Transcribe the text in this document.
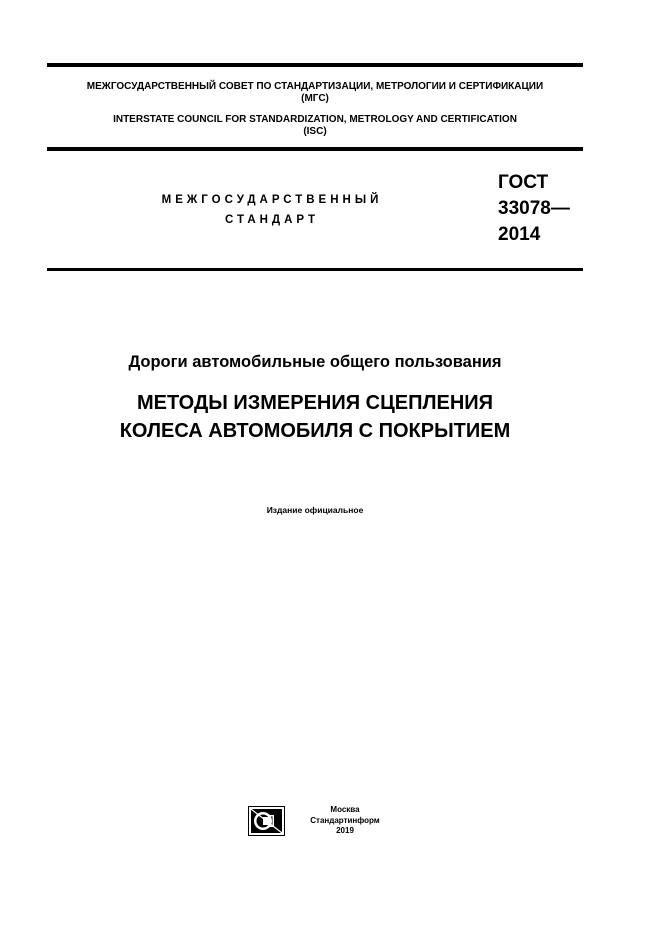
МЕЖГОСУДАРСТВЕННЫЙ СОВЕТ ПО СТАНДАРТИЗАЦИИ, МЕТРОЛОГИИ И СЕРТИФИКАЦИИ
(МГС)
INTERSTATE COUNCIL FOR STANDARDIZATION, METROLOGY AND CERTIFICATION
(ISC)
МЕЖГОСУДАРСТВЕННЫЙ
СТАНДАРТ
ГОСТ
33078—
2014
Дороги автомобильные общего пользования
МЕТОДЫ ИЗМЕРЕНИЯ СЦЕПЛЕНИЯ
КОЛЕСА АВТОМОБИЛЯ С ПОКРЫТИЕМ
Издание официальное
Москва
Стандартинформ
2019
